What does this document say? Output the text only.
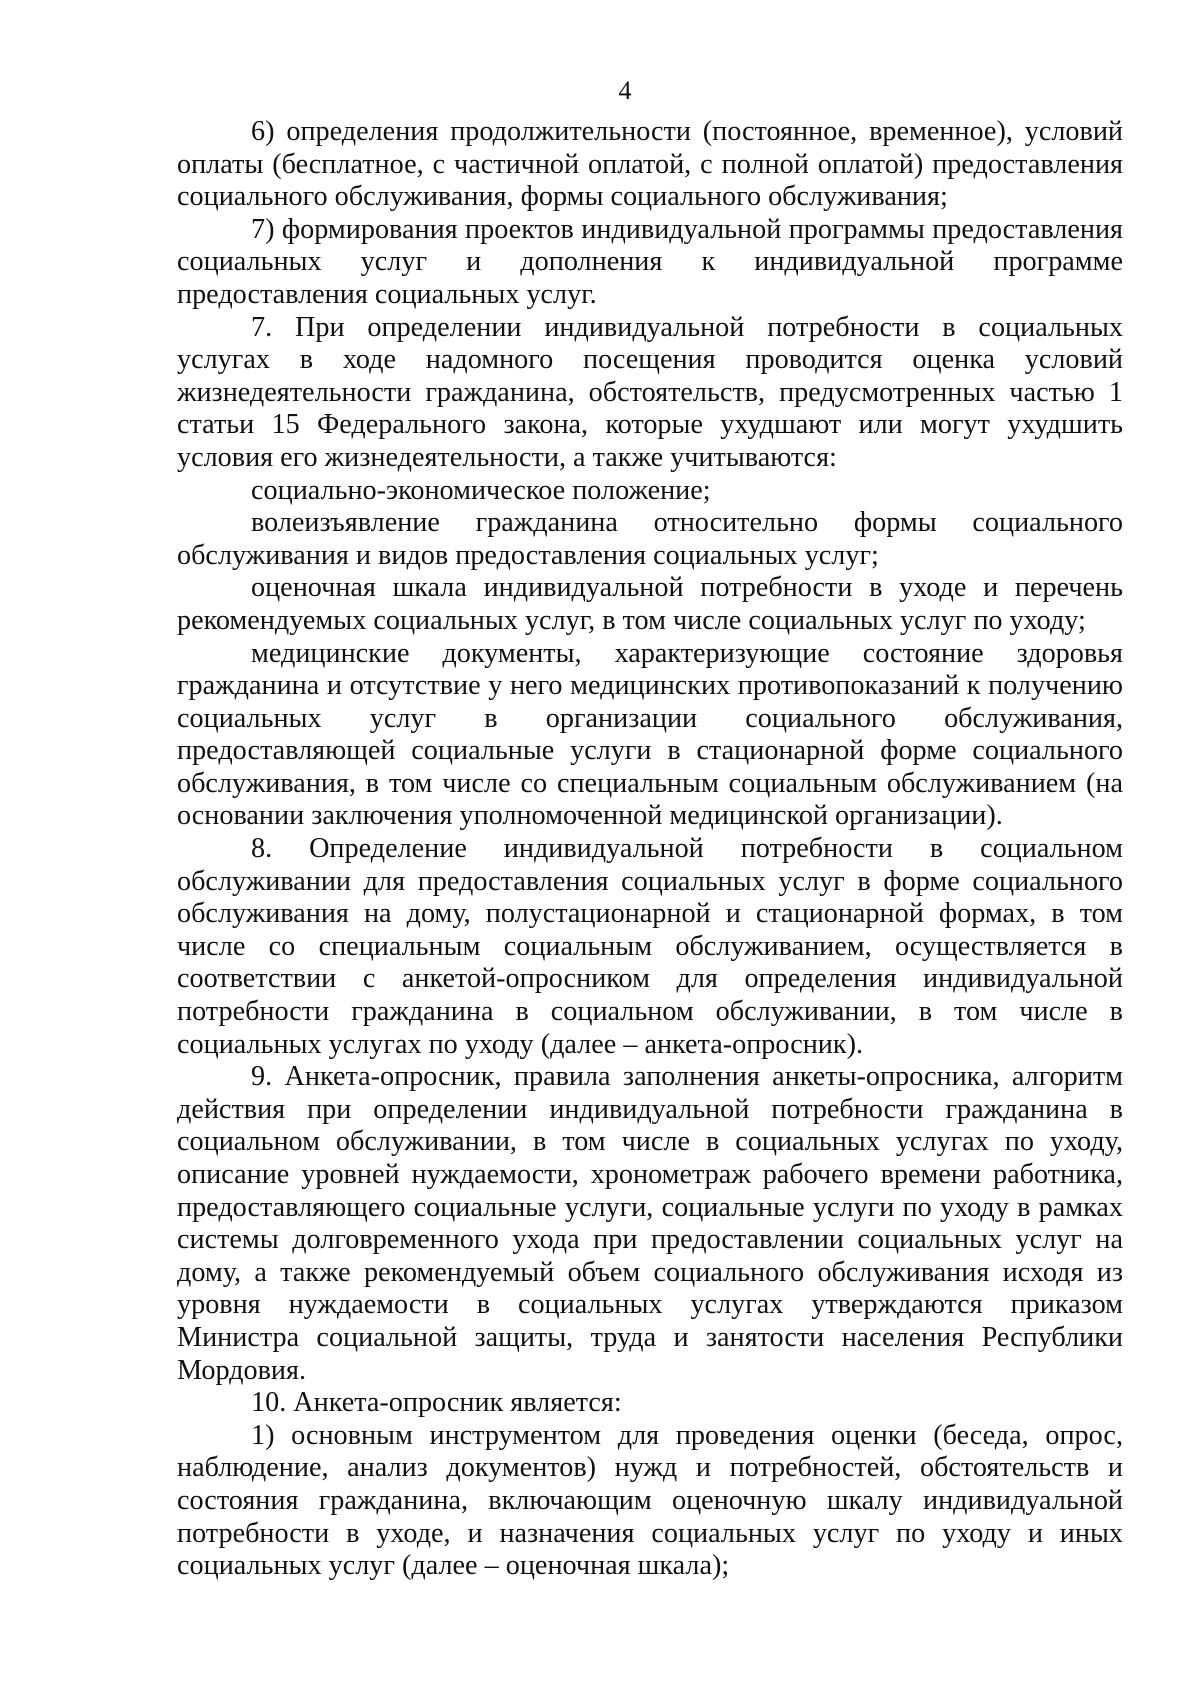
4

6) определения продолжительности (постоянное, временное), условий оплаты (бесплатное, с частичной оплатой, с полной оплатой) предоставления социального обслуживания, формы социального обслуживания;

7) формирования проектов индивидуальной программы предоставления социальных услуг и дополнения к индивидуальной программе предоставления социальных услуг.

7. При определении индивидуальной потребности в социальных услугах в ходе надомного посещения проводится оценка условий жизнедеятельности гражданина, обстоятельств, предусмотренных частью 1 статьи 15 Федерального закона, которые ухудшают или могут ухудшить условия его жизнедеятельности, а также учитываются:

социально-экономическое положение;

волеизъявление гражданина относительно формы социального обслуживания и видов предоставления социальных услуг;

оценочная шкала индивидуальной потребности в уходе и перечень рекомендуемых социальных услуг, в том числе социальных услуг по уходу;

медицинские документы, характеризующие состояние здоровья гражданина и отсутствие у него медицинских противопоказаний к получению социальных услуг в организации социального обслуживания, предоставляющей социальные услуги в стационарной форме социального обслуживания, в том числе со специальным социальным обслуживанием (на основании заключения уполномоченной медицинской организации).

8. Определение индивидуальной потребности в социальном обслуживании для предоставления социальных услуг в форме социального обслуживания на дому, полустационарной и стационарной формах, в том числе со специальным социальным обслуживанием, осуществляется в соответствии с анкетой-опросником для определения индивидуальной потребности гражданина в социальном обслуживании, в том числе в социальных услугах по уходу (далее – анкета-опросник).

9. Анкета-опросник, правила заполнения анкеты-опросника, алгоритм действия при определении индивидуальной потребности гражданина в социальном обслуживании, в том числе в социальных услугах по уходу, описание уровней нуждаемости, хронометраж рабочего времени работника, предоставляющего социальные услуги, социальные услуги по уходу в рамках системы долговременного ухода при предоставлении социальных услуг на дому, а также рекомендуемый объем социального обслуживания исходя из уровня нуждаемости в социальных услугах утверждаются приказом Министра социальной защиты, труда и занятости населения Республики Мордовия.

10. Анкета-опросник является:

1) основным инструментом для проведения оценки (беседа, опрос, наблюдение, анализ документов) нужд и потребностей, обстоятельств и состояния гражданина, включающим оценочную шкалу индивидуальной потребности в уходе, и назначения социальных услуг по уходу и иных социальных услуг (далее – оценочная шкала);
